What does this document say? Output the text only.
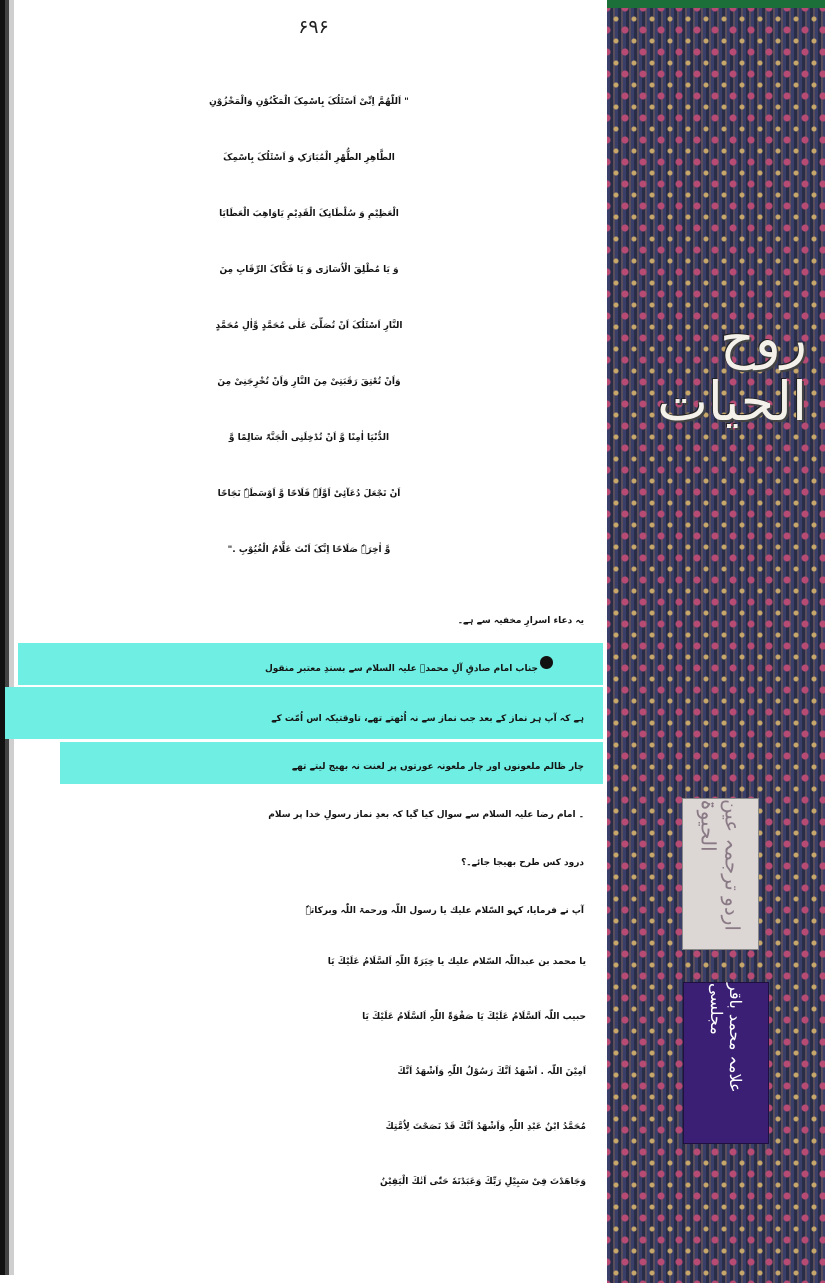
۶۹۶
" اَللّٰھُمَّ اِنِّیْ اَسْئَلُکَ بِاسْمِکَ الْمَکْنُوْنِ وَالْمَخْزُوْنِ
الطَّاھِرِ الطُّھْرِ الْمُبَارَکِ وَ اَسْئَلُکَ بِاسْمِکَ
الْعَظِیْمِ وَ سُلْطَانِکَ الْقَدِیْمِ یَاوَاھِبَ الْعَطَایَا
وَ یَا مُطْلِقَ الْاُسَارٰی وَ یَا فَکَّاکَ الرِّقَابِ مِنَ
النَّارِ اَسْئَلُکَ اَنْ تُصَلِّیَ عَلٰی مُحَمَّدٍ وَّاٰلِ مُحَمَّدٍ
وَاَنْ تُعْتِقَ رَقَبَتِیْ مِنَ النَّارِ وَاَنْ تُخْرِجَنِیْ مِنَ
الدُّنْیَا اٰمِنًا وَّ اَنْ تُدْخِلَنِی الْجَنَّۃَ سَالِمًا وَّ
اَنْ تَجْعَلَ دُعَآئِیْ اَوَّلَہٗ فَلَاحًا وَّ اَوْسَطَہٗ نَجَاحًا
وَّ اٰخِرَہٗ صَلَاحًا اِنَّکَ اَنْتَ عَلَّامُ الْغُیُوْبِ ."
یہ دعاء اسرارِ مخفیہ سے ہے۔
جناب امام صادقِ آلِ محمدؑ علیہ السلام سے بسندِ معتبر منقول
ہے کہ آپ ہر نماز کے بعد جب نماز سے نہ اُٹھتے تھے، تاوقتیکہ اس اُمّت کے
چار ظالم ملعونوں اور چار ملعونہ عورتوں پر لعنت نہ بھیج لیتے تھے
۔ امام رضا علیہ السلام سے سوال کیا گیا کہ بعدِ نماز رسولِ خدا پر سلام
درود کس طرح بھیجا جائے۔؟
آپ نے فرمایا، کہو السّلام علیك یا رسول اللّٰہ ورحمۃ اللّٰہ وبرکاتہٗ
یا محمد بن عبداللّٰہ السّلام علیك یا خِیَرَۃَ اللّٰہِ اَلسَّلَامُ عَلَیْكَ یَا
حبیب اللّٰہ اَلسَّلَامُ عَلَیْكَ یَا صَفْوَۃَ اللّٰہِ اَلسَّلَامُ عَلَیْكَ یَا
اَمِیْنَ اللّٰہ . اَشْھَدُ اَنَّكَ رَسُوْلُ اللّٰہِ وَاَشْھَدُ اَنَّكَ
مُحَمَّدُ ابْنُ عَبْدِ اللّٰہِ وَاَشْھَدُ اَنَّكَ قَدْ نَصَحْتَ لِاُمَّتِكَ
وَجَاھَدْتَ فِیْ سَبِیْلِ رَبِّكَ وَعَبَدْتَهٗ حَتّٰی اَتٰكَ الْیَقِیْنُ
روح الحیات
اردو ترجمہ عین الحیوۃ
علامہ محمد باقر مجلسی
